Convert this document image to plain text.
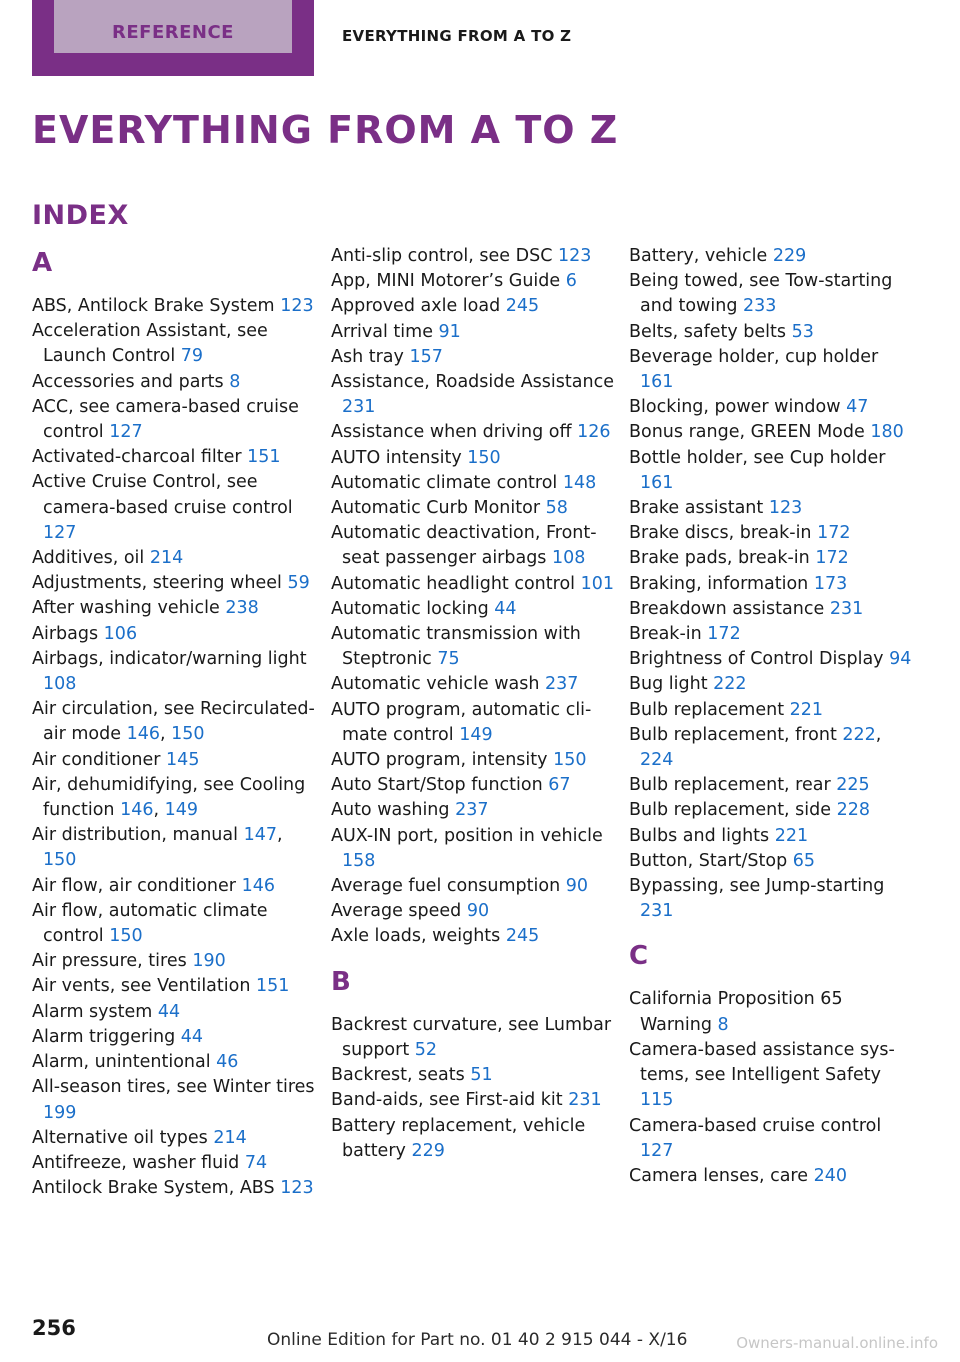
REFERENCE	EVERYTHING FROM A TO Z
EVERYTHING FROM A TO Z
INDEX
A
ABS, Antilock Brake System 123
Acceleration Assistant, see Launch Control 79
Accessories and parts 8
ACC, see camera-based cruise control 127
Activated-charcoal filter 151
Active Cruise Control, see camera-based cruise control 127
Additives, oil 214
Adjustments, steering wheel 59
After washing vehicle 238
Airbags 106
Airbags, indicator/warning light 108
Air circulation, see Recirculated-air mode 146, 150
Air conditioner 145
Air, dehumidifying, see Cooling function 146, 149
Air distribution, manual 147, 150
Air flow, air conditioner 146
Air flow, automatic climate control 150
Air pressure, tires 190
Air vents, see Ventilation 151
Alarm system 44
Alarm triggering 44
Alarm, unintentional 46
All-season tires, see Winter tires 199
Alternative oil types 214
Antifreeze, washer fluid 74
Antilock Brake System, ABS 123
Anti-slip control, see DSC 123
App, MINI Motorer’s Guide 6
Approved axle load 245
Arrival time 91
Ash tray 157
Assistance, Roadside Assistance 231
Assistance when driving off 126
AUTO intensity 150
Automatic climate control 148
Automatic Curb Monitor 58
Automatic deactivation, Front-seat passenger airbags 108
Automatic headlight control 101
Automatic locking 44
Automatic transmission with Steptronic 75
Automatic vehicle wash 237
AUTO program, automatic climate control 149
AUTO program, intensity 150
Auto Start/Stop function 67
Auto washing 237
AUX-IN port, position in vehicle 158
Average fuel consumption 90
Average speed 90
Axle loads, weights 245
B
Backrest curvature, see Lumbar support 52
Backrest, seats 51
Band-aids, see First-aid kit 231
Battery replacement, vehicle battery 229
Battery, vehicle 229
Being towed, see Tow-starting and towing 233
Belts, safety belts 53
Beverage holder, cup holder 161
Blocking, power window 47
Bonus range, GREEN Mode 180
Bottle holder, see Cup holder 161
Brake assistant 123
Brake discs, break-in 172
Brake pads, break-in 172
Braking, information 173
Breakdown assistance 231
Break-in 172
Brightness of Control Display 94
Bug light 222
Bulb replacement 221
Bulb replacement, front 222, 224
Bulb replacement, rear 225
Bulb replacement, side 228
Bulbs and lights 221
Button, Start/Stop 65
Bypassing, see Jump-starting 231
C
California Proposition 65 Warning 8
Camera-based assistance systems, see Intelligent Safety 115
Camera-based cruise control 127
Camera lenses, care 240
256	Online Edition for Part no. 01 40 2 915 044 - X/16	Owners-manual.online.info
